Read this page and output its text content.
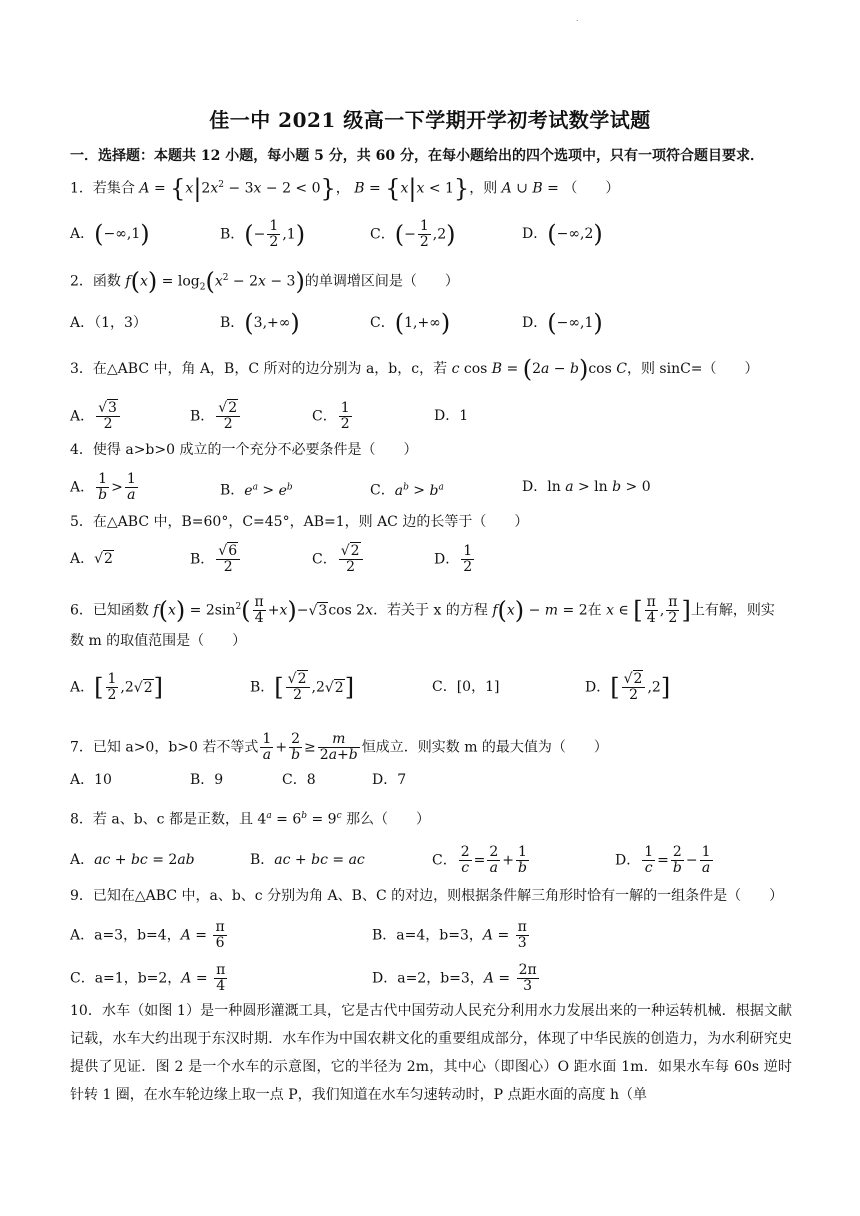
.
佳一中 2021 级高一下学期开学初考试数学试题
一．选择题：本题共 12 小题，每小题 5 分，共 60 分，在每小题给出的四个选项中，只有一项符合题目要求．
1．若集合 $A = \{x|2x^2 - 3x - 2 < 0\}$， B = {x|x < 1}，则 A ∪ B = （　　）
A．(−∞,1)	B．(− $\frac{1}{2} ,1$)	C．(− $\frac{1}{2} ,2$)	D．(−∞,2)
2．函数 $f(x) = \log_2(x^2 - 2x - 3)$的单调增区间是（　　）
A．（1，3）	B．(3,+∞)	C．(1,+∞)	D．(−∞,1)
3．在△ABC 中，角 A，B，C 所对的边分别为 a，b，c，若 c cos B = (2a − b)cos C，则 sinC=（　　）
A． $\frac{√3}{2}$	B． $\frac{√2}{2}$	C． $\frac{1}{2}$	D．1
4．使得 a>b>0 成立的一个充分不必要条件是（　　）
A． $\frac{1}{b} > \frac{1}{a}$	B．$e^a > e^b$	C．$a^b > b^a$	D．ln a > ln b > 0
5．在△ABC 中，B=60°，C=45°，AB=1，则 AC 边的长等于（　　）
A．√2	B． $\frac{√6}{2}$	C． $\frac{√2}{2}$	D． $\frac{1}{2}$
6．已知函数 $f(x) = 2\sin^2( \frac{\pi}{4} +x)-√3\cos$ 2x．若关于 x 的方程 f(x) − m = 2在 x ∈ [ $\frac{\pi}{4}$ , $\frac{\pi}{2}$ ]上有解，则实
数 m 的取值范围是（　　）
A．[ $\frac{1}{2} ,2√2$]	B．[ $\frac{√2}{2} ,2√2$]	C．[0，1]	D．[ $\frac{√2}{2} ,2$]
7．已知 a>0，b>0 若不等式 $\frac{1}{a} + \frac{2}{b} \ge \frac{m}{2a+b}$ 恒成立．则实数 m 的最大值为（　　）
A．10	B．9	C．8	D．7
8．若 a、b、c 都是正数，且 $4^a = 6^b = 9^c$ 那么（　　）
A．ac + bc = 2ab	B．ac + bc = ac	C． $\frac{2}{c} = \frac{2}{a} + \frac{1}{b}$	D． $\frac{1}{c} = \frac{2}{b} - \frac{1}{a}$
9．已知在△ABC 中，a、b、c 分别为角 A、B、C 的对边，则根据条件解三角形时恰有一解的一组条件是（　　）
A．a=3，b=4，$A = \frac{\pi}{6}$	B．a=4，b=3，$A = \frac{\pi}{3}$
C．a=1，b=2，$A = \frac{\pi}{4}$	D．a=2，b=3，$A = \frac{2\pi}{3}$
10．水车（如图 1）是一种圆形灌溉工具，它是古代中国劳动人民充分利用水力发展出来的一种运转机械．根据文献记载，水车大约出现于东汉时期．水车作为中国农耕文化的重要组成部分，体现了中华民族的创造力，为水利研究史提供了见证．图 2 是一个水车的示意图，它的半径为 2m，其中心（即图心）O 距水面 1m．如果水车每 60s 逆时针转 1 圈，在水车轮边缘上取一点 P，我们知道在水车匀速转动时，P 点距水面的高度 h（单
